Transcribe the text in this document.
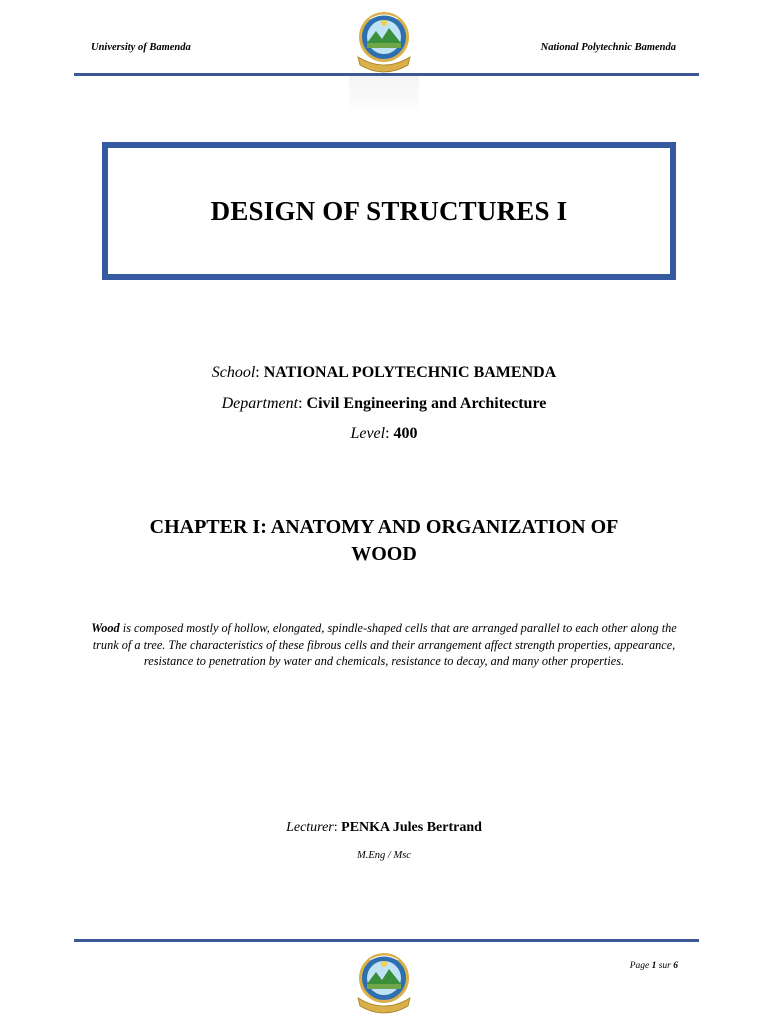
University of Bamenda	National Polytechnic Bamenda
DESIGN OF STRUCTURES I
School: NATIONAL POLYTECHNIC BAMENDA
Department: Civil Engineering and Architecture
Level: 400
CHAPTER I: ANATOMY AND ORGANIZATION OF
WOOD

Wood is composed mostly of hollow, elongated, spindle-shaped cells that are arranged parallel to each other along the trunk of a tree. The characteristics of these fibrous cells and their arrangement affect strength properties, appearance, resistance to penetration by water and chemicals, resistance to decay, and many other properties.

Lecturer: PENKA Jules Bertrand
M.Eng / Msc
Page 1 sur 6
